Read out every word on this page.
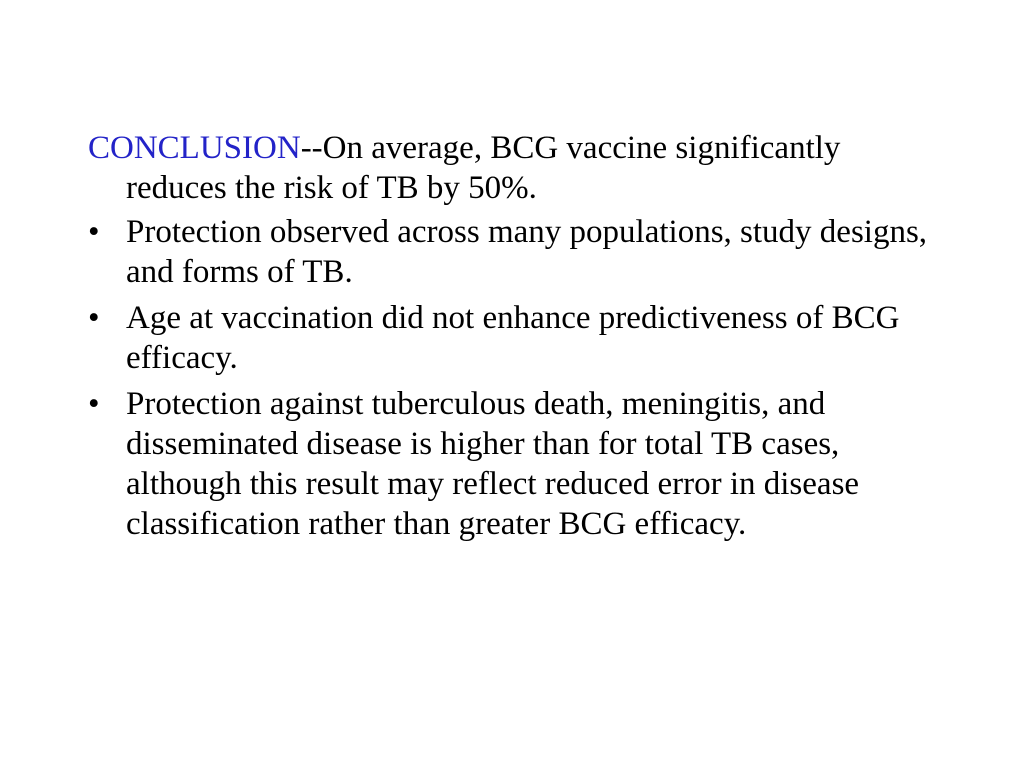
CONCLUSION--On average, BCG vaccine significantly reduces the risk of TB by 50%.

• Protection observed across many populations, study designs, and forms of TB.
• Age at vaccination did not enhance predictiveness of BCG efficacy.
• Protection against tuberculous death, meningitis, and disseminated disease is higher than for total TB cases, although this result may reflect reduced error in disease classification rather than greater BCG efficacy.
